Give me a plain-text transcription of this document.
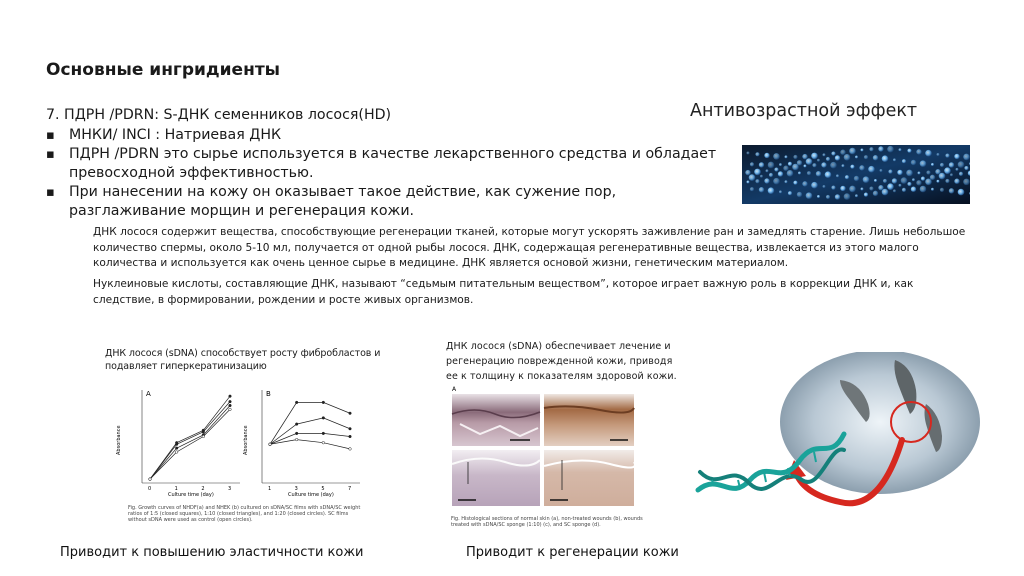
Основные ингридиенты
7. ПДРН /PDRN: S-ДНК семенников лосося(HD)
▪ МНКИ/ INCI : Натриевая ДНК
▪ ПДРН /PDRN это сырье используется в качестве лекарственного средства и обладает превосходной эффективностью.
▪ При нанесении на кожу он оказывает такое действие, как сужение пор, разглаживание морщин и регенерация кожи.
Антивозрастной эффект
ДНК лосося содержит вещества, способствующие регенерации тканей, которые могут ускорять заживление ран и замедлять старение. Лишь небольшое количество спермы, около 5-10 мл, получается от одной рыбы лосося. ДНК, содержащая регенеративные вещества, извлекается из этого малого количества и используется как очень ценное сырье в медицине. ДНК является основой жизни, генетическим материалом.
Нуклеиновые кислоты, составляющие ДНК, называют “седьмым питательным веществом”, которое играет важную роль в коррекции ДНК и, как следствие, в формировании, рождении и росте живых организмов.
ДНК лосося (sDNA) способствует росту фибробластов и подавляет гиперкератинизацию
A
Absorbance
Culture time (day)
0	1	2	3
B
Absorbance
Culture time (day)
1	3	5	7
Fig. Growth curves of NHDF(a) and NHEK (b) cultured on sDNA/SC films with sDNA/SC weight ratios of 1:5 (closed squares), 1:10 (closed triangles), and 1:20 (closed circles). SC films without sDNA were used as control (open circles).
ДНК лосося (sDNA) обеспечивает лечение и регенерацию поврежденной кожи, приводя ее к толщину к показателям здоровой кожи.
A
Fig. Histological sections of normal skin (a), non-treated wounds (b), wounds treated with sDNA/SC sponge (1:10) (c), and SC sponge (d).
Приводит к повышению эластичности кожи	Приводит к регенерации кожи
